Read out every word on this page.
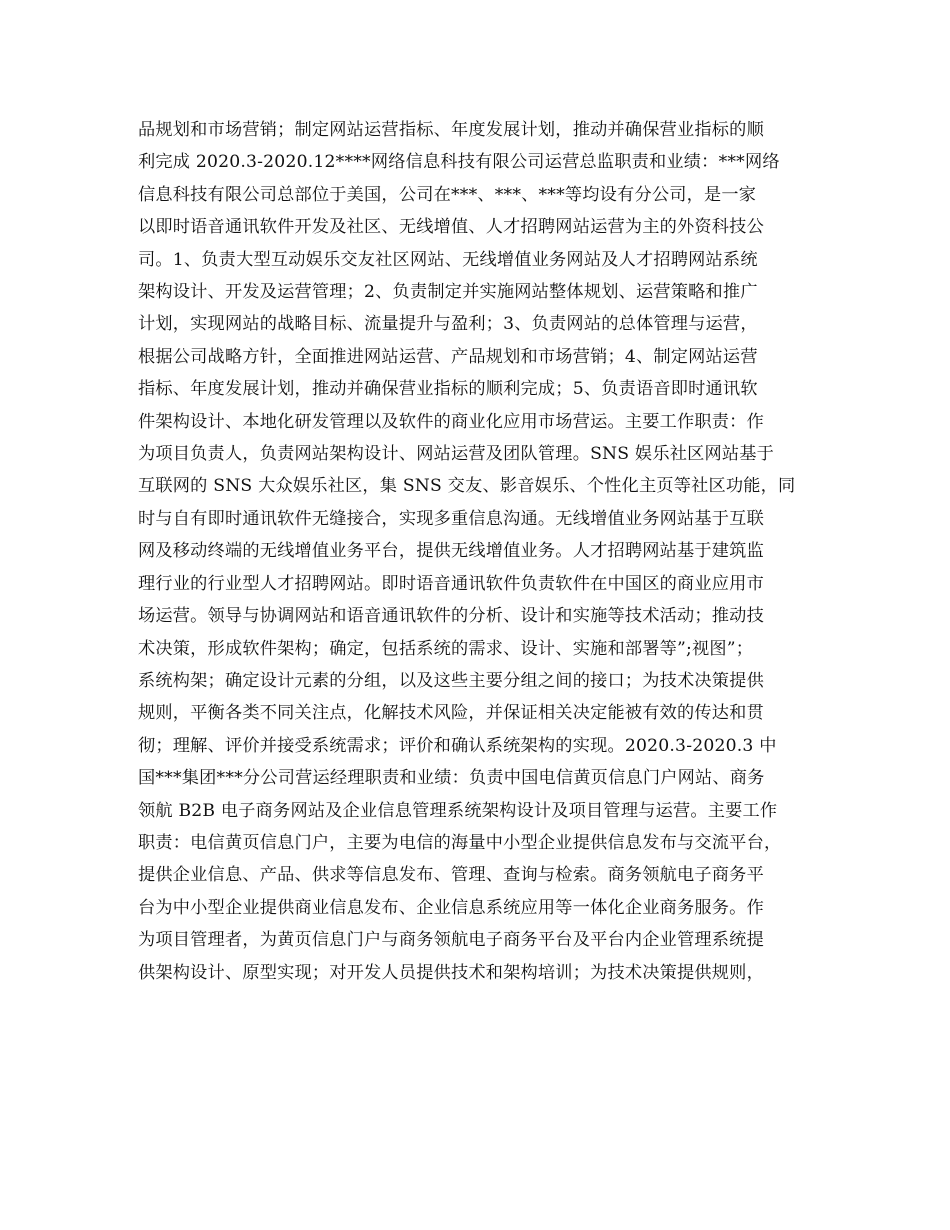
品规划和市场营销；制定网站运营指标、年度发展计划，推动并确保营业指标的顺
利完成 2020.3-2020.12****网络信息科技有限公司运营总监职责和业绩：***网络
信息科技有限公司总部位于美国，公司在***、***、***等均设有分公司，是一家
以即时语音通讯软件开发及社区、无线增值、人才招聘网站运营为主的外资科技公
司。1、负责大型互动娱乐交友社区网站、无线增值业务网站及人才招聘网站系统
架构设计、开发及运营管理；2、负责制定并实施网站整体规划、运营策略和推广
计划，实现网站的战略目标、流量提升与盈利；3、负责网站的总体管理与运营，
根据公司战略方针，全面推进网站运营、产品规划和市场营销；4、制定网站运营
指标、年度发展计划，推动并确保营业指标的顺利完成；5、负责语音即时通讯软
件架构设计、本地化研发管理以及软件的商业化应用市场营运。主要工作职责：作
为项目负责人，负责网站架构设计、网站运营及团队管理。SNS 娱乐社区网站基于
互联网的 SNS 大众娱乐社区，集 SNS 交友、影音娱乐、个性化主页等社区功能，同
时与自有即时通讯软件无缝接合，实现多重信息沟通。无线增值业务网站基于互联
网及移动终端的无线增值业务平台，提供无线增值业务。人才招聘网站基于建筑监
理行业的行业型人才招聘网站。即时语音通讯软件负责软件在中国区的商业应用市
场运营。领导与协调网站和语音通讯软件的分析、设计和实施等技术活动；推动技
术决策，形成软件架构；确定，包括系统的需求、设计、实施和部署等”;视图”；
系统构架；确定设计元素的分组，以及这些主要分组之间的接口；为技术决策提供
规则，平衡各类不同关注点，化解技术风险，并保证相关决定能被有效的传达和贯
彻；理解、评价并接受系统需求；评价和确认系统架构的实现。2020.3-2020.3 中
国***集团***分公司营运经理职责和业绩：负责中国电信黄页信息门户网站、商务
领航 B2B 电子商务网站及企业信息管理系统架构设计及项目管理与运营。主要工作
职责：电信黄页信息门户，主要为电信的海量中小型企业提供信息发布与交流平台，
提供企业信息、产品、供求等信息发布、管理、查询与检索。商务领航电子商务平
台为中小型企业提供商业信息发布、企业信息系统应用等一体化企业商务服务。作
为项目管理者，为黄页信息门户与商务领航电子商务平台及平台内企业管理系统提
供架构设计、原型实现；对开发人员提供技术和架构培训；为技术决策提供规则，
